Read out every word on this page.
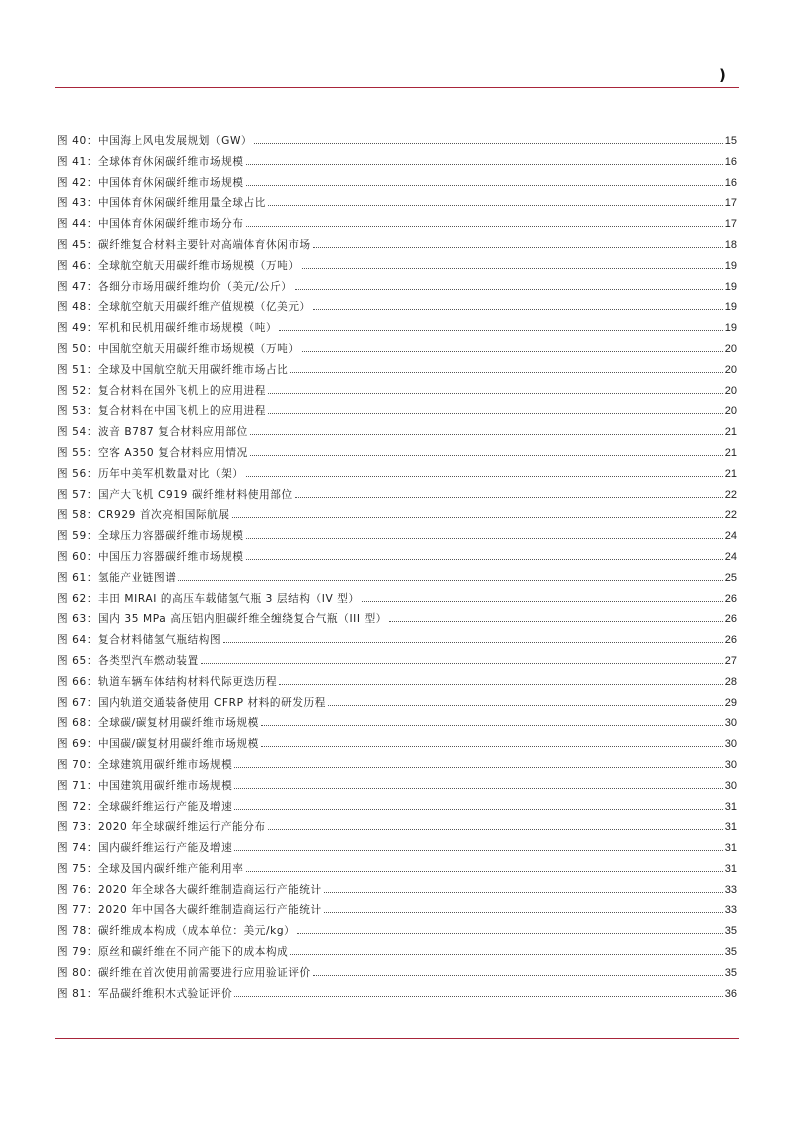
)
图 40：中国海上风电发展规划（GW）	15
图 41：全球体育休闲碳纤维市场规模	16
图 42：中国体育休闲碳纤维市场规模	16
图 43：中国体育休闲碳纤维用量全球占比	17
图 44：中国体育休闲碳纤维市场分布	17
图 45：碳纤维复合材料主要针对高端体育休闲市场	18
图 46：全球航空航天用碳纤维市场规模（万吨）	19
图 47：各细分市场用碳纤维均价（美元/公斤）	19
图 48：全球航空航天用碳纤维产值规模（亿美元）	19
图 49：军机和民机用碳纤维市场规模（吨）	19
图 50：中国航空航天用碳纤维市场规模（万吨）	20
图 51：全球及中国航空航天用碳纤维市场占比	20
图 52：复合材料在国外飞机上的应用进程	20
图 53：复合材料在中国飞机上的应用进程	20
图 54：波音 B787 复合材料应用部位	21
图 55：空客 A350 复合材料应用情况	21
图 56：历年中美军机数量对比（架）	21
图 57：国产大飞机 C919 碳纤维材料使用部位	22
图 58：CR929 首次亮相国际航展	22
图 59：全球压力容器碳纤维市场规模	24
图 60：中国压力容器碳纤维市场规模	24
图 61：氢能产业链图谱	25
图 62：丰田 MIRAI 的高压车载储氢气瓶 3 层结构（IV 型）	26
图 63：国内 35 MPa 高压铝内胆碳纤维全缠绕复合气瓶（III 型）	26
图 64：复合材料储氢气瓶结构图	26
图 65：各类型汽车燃动装置	27
图 66：轨道车辆车体结构材料代际更迭历程	28
图 67：国内轨道交通装备使用 CFRP 材料的研发历程	29
图 68：全球碳/碳复材用碳纤维市场规模	30
图 69：中国碳/碳复材用碳纤维市场规模	30
图 70：全球建筑用碳纤维市场规模	30
图 71：中国建筑用碳纤维市场规模	30
图 72：全球碳纤维运行产能及增速	31
图 73：2020 年全球碳纤维运行产能分布	31
图 74：国内碳纤维运行产能及增速	31
图 75：全球及国内碳纤维产能利用率	31
图 76：2020 年全球各大碳纤维制造商运行产能统计	33
图 77：2020 年中国各大碳纤维制造商运行产能统计	33
图 78：碳纤维成本构成（成本单位：美元/kg）	35
图 79：原丝和碳纤维在不同产能下的成本构成	35
图 80：碳纤维在首次使用前需要进行应用验证评价	35
图 81：军品碳纤维积木式验证评价	36
